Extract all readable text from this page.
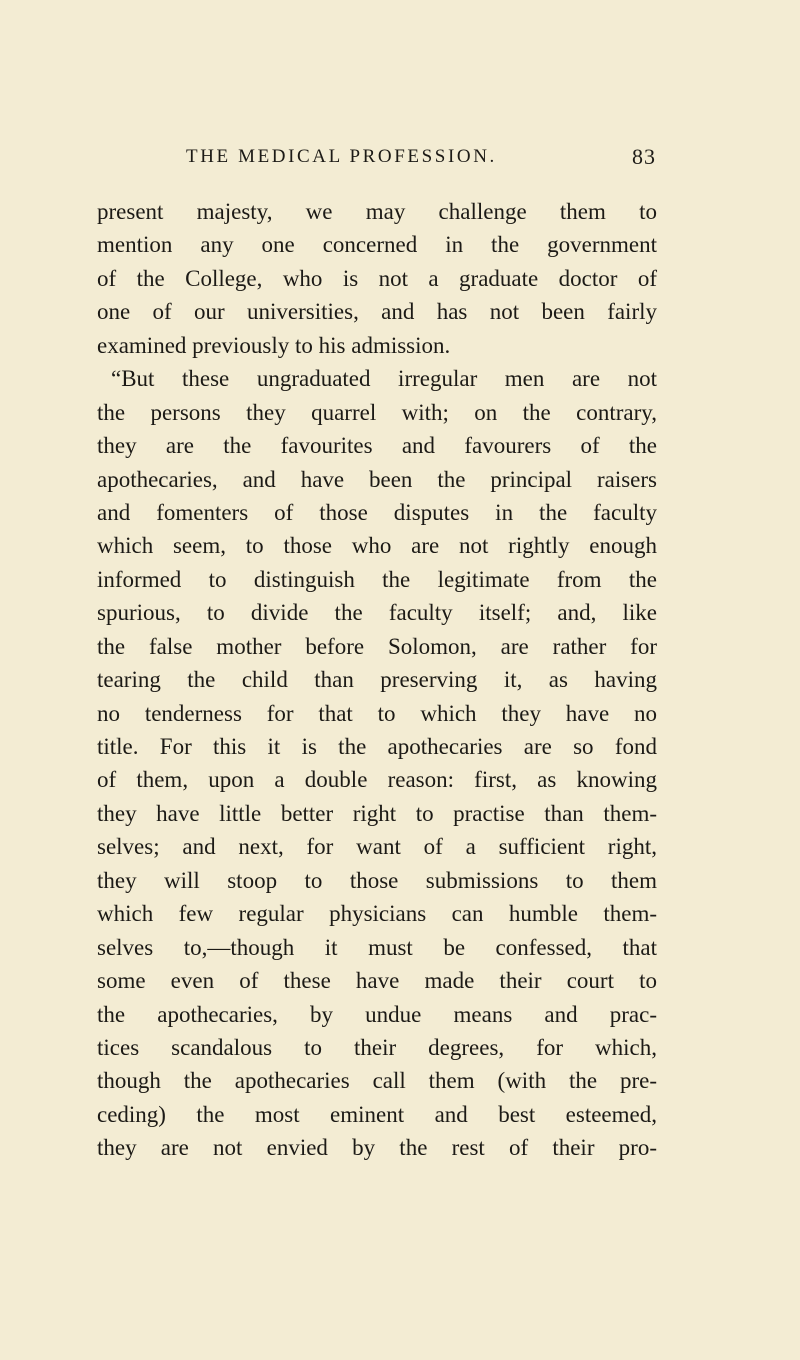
THE MEDICAL PROFESSION.	83
present majesty, we may challenge them to
mention any one concerned in the government
of the College, who is not a graduate doctor of
one of our universities, and has not been fairly
examined previously to his admission.
“But these ungraduated irregular men are not
the persons they quarrel with; on the contrary,
they are the favourites and favourers of the
apothecaries, and have been the principal raisers
and fomenters of those disputes in the faculty
which seem, to those who are not rightly enough
informed to distinguish the legitimate from the
spurious, to divide the faculty itself; and, like
the false mother before Solomon, are rather for
tearing the child than preserving it, as having
no tenderness for that to which they have no
title. For this it is the apothecaries are so fond
of them, upon a double reason: first, as knowing
they have little better right to practise than them-
selves; and next, for want of a sufficient right,
they will stoop to those submissions to them
which few regular physicians can humble them-
selves to,—though it must be confessed, that
some even of these have made their court to
the apothecaries, by undue means and prac-
tices scandalous to their degrees, for which,
though the apothecaries call them (with the pre-
ceding) the most eminent and best esteemed,
they are not envied by the rest of their pro-
